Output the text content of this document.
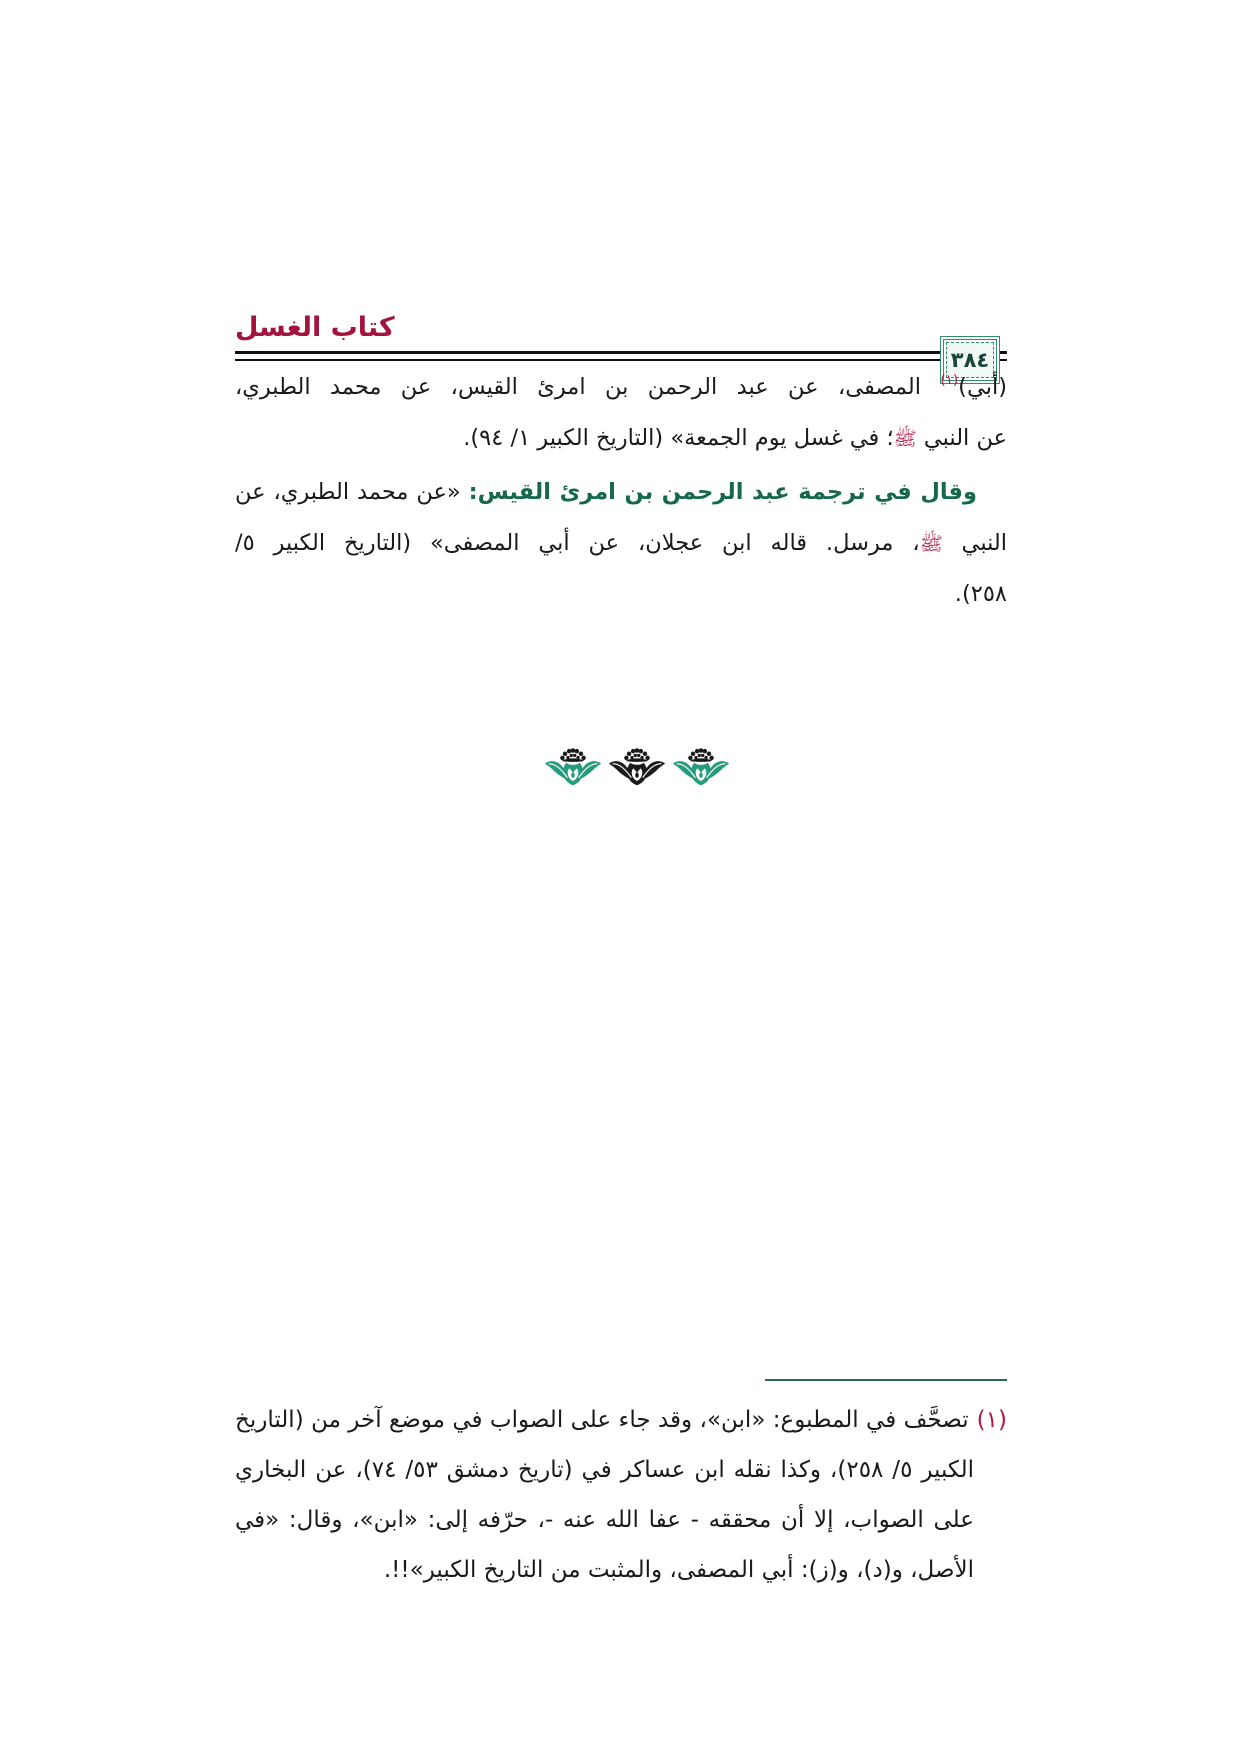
كتاب الغسل
٣٨٤
(أبي)$^{(١)}$ المصفى، عن عبد الرحمن بن امرئ القيس، عن محمد الطبري،
عن النبي ﷺ؛ في غسل يوم الجمعة» (التاريخ الكبير ١/ ٩٤).
وقال في ترجمة عبد الرحمن بن امرئ القيس: «عن محمد الطبري، عن
النبي ﷺ، مرسل. قاله ابن عجلان، عن أبي المصفى» (التاريخ الكبير ٥/
٢٥٨).
(١)تصحَّف في المطبوع: «ابن»، وقد جاء على الصواب في موضع آخر من (التاريخ
الكبير ٥/ ٢٥٨)، وكذا نقله ابن عساكر في (تاريخ دمشق ٥٣/ ٧٤)، عن البخاري
على الصواب، إلا أن محققه - عفا الله عنه -، حرّفه إلى: «ابن»، وقال: «في
الأصل، و(د)، و(ز): أبي المصفى، والمثبت من التاريخ الكبير»!!.
